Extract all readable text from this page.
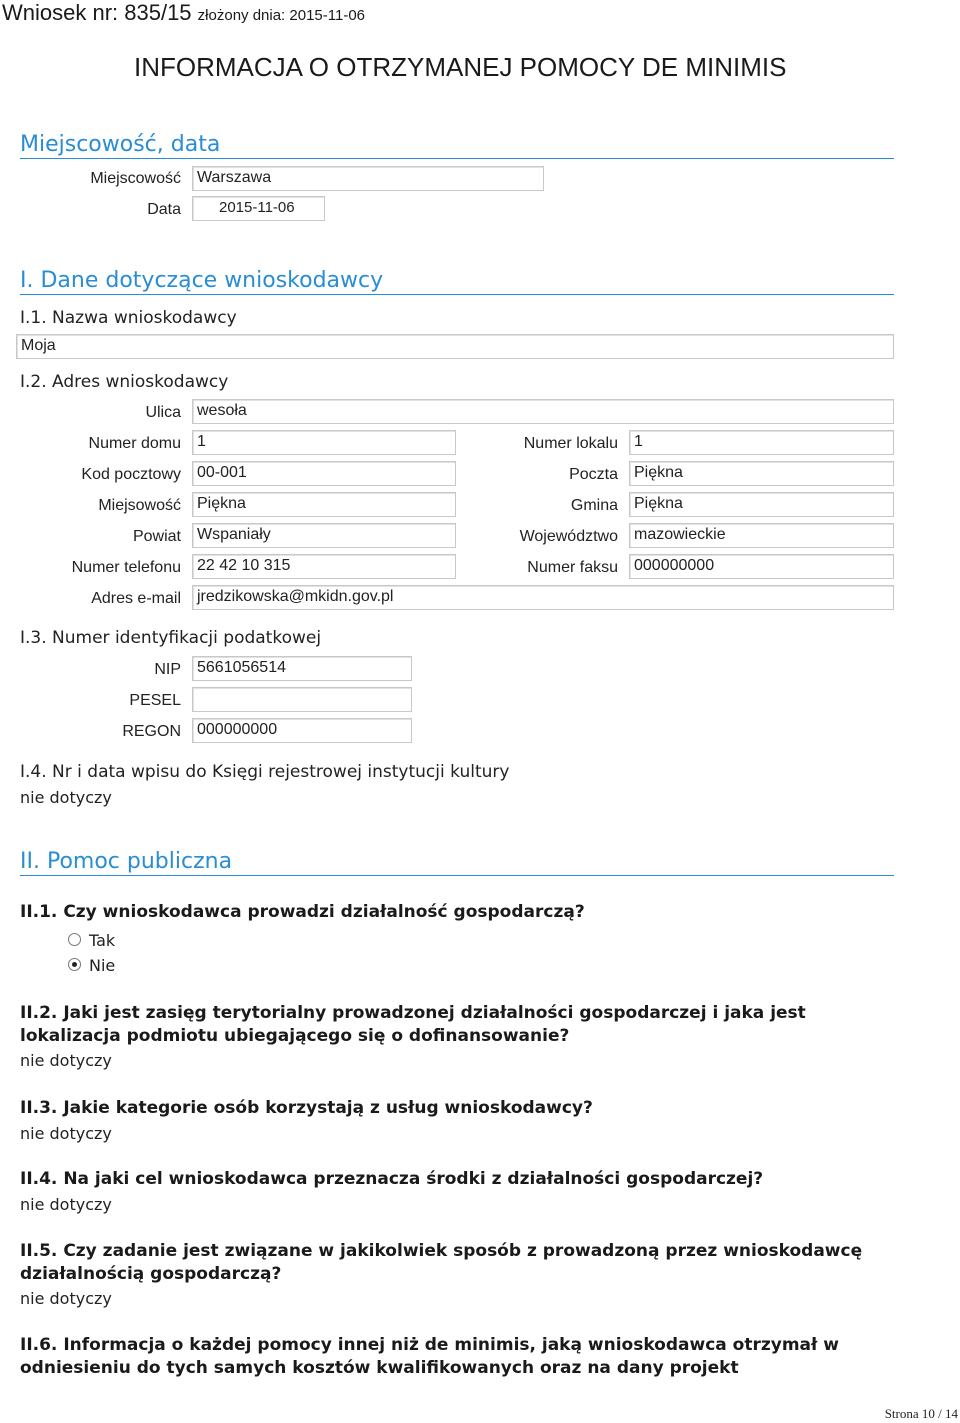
Wniosek nr: 835/15 złożony dnia: 2015-11-06
INFORMACJA O OTRZYMANEJ POMOCY DE MINIMIS
Miejscowość, data
Miejscowość	Warszawa
Data	2015-11-06
I. Dane dotyczące wnioskodawcy
I.1. Nazwa wnioskodawcy
Moja
I.2. Adres wnioskodawcy
Ulica	wesoła
Numer domu	1	Numer lokalu	1
Kod pocztowy	00-001	Poczta	Piękna
Miejsowość	Piękna	Gmina	Piękna
Powiat	Wspaniały	Województwo	mazowieckie
Numer telefonu	22 42 10 315	Numer faksu	000000000
Adres e-mail	jredzikowska@mkidn.gov.pl
I.3. Numer identyfikacji podatkowej
NIP	5661056514
PESEL
REGON	000000000
I.4. Nr i data wpisu do Księgi rejestrowej instytucji kultury
nie dotyczy
II. Pomoc publiczna
II.1. Czy wnioskodawca prowadzi działalność gospodarczą?
Tak
Nie
II.2. Jaki jest zasięg terytorialny prowadzonej działalności gospodarczej i jaka jest lokalizacja podmiotu ubiegającego się o dofinansowanie?
nie dotyczy
II.3. Jakie kategorie osób korzystają z usług wnioskodawcy?
nie dotyczy
II.4. Na jaki cel wnioskodawca przeznacza środki z działalności gospodarczej?
nie dotyczy
II.5. Czy zadanie jest związane w jakikolwiek sposób z prowadzoną przez wnioskodawcę działalnością gospodarczą?
nie dotyczy
II.6. Informacja o każdej pomocy innej niż de minimis, jaką wnioskodawca otrzymał w odniesieniu do tych samych kosztów kwalifikowanych oraz na dany projekt
Strona 10 / 14
